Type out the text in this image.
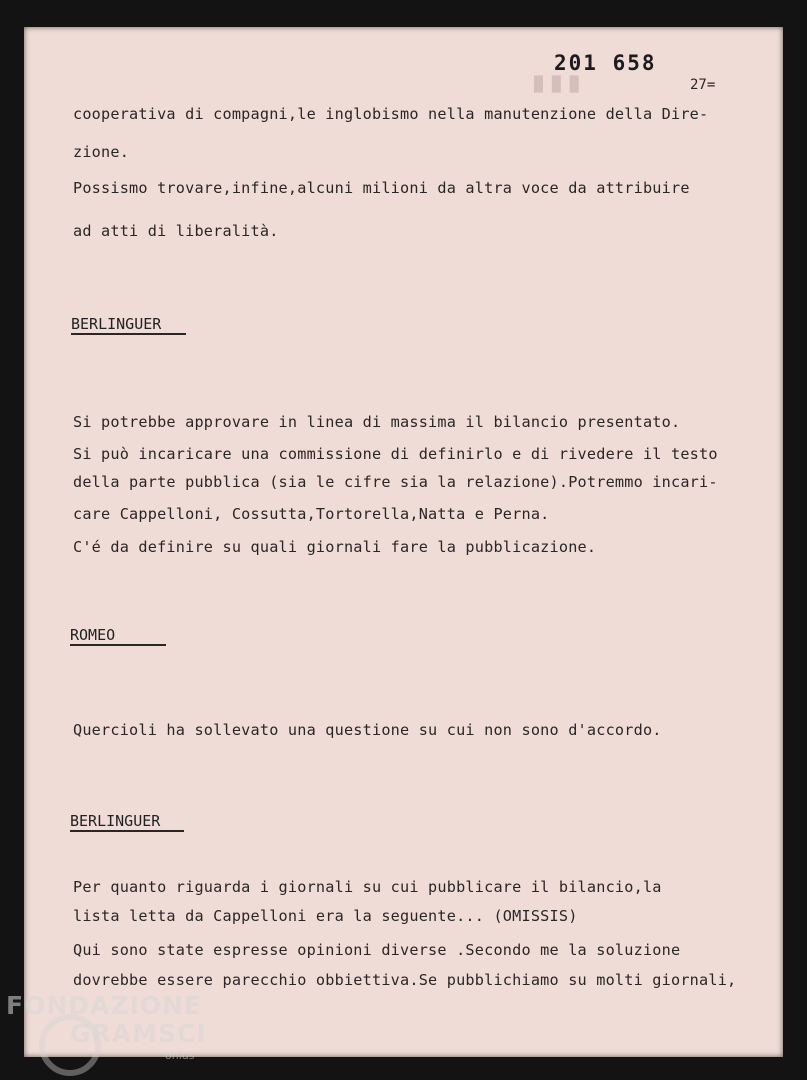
█ █ █
201 658
27=
cooperativa di compagni,le inglobismo nella manutenzione della Dire-
zione.
Possismo trovare,infine,alcuni milioni da altra voce da attribuire
ad atti di liberalità.
BERLINGUER
Si potrebbe approvare in linea di massima il bilancio presentato.
Si può incaricare una commissione di definirlo e di rivedere il testo
della parte pubblica (sia le cifre sia la relazione).Potremmo incari-
care Cappelloni, Cossutta,Tortorella,Natta e Perna.
C'é da definire su quali giornali fare la pubblicazione.
ROMEO
Quercioli ha sollevato una questione su cui non sono d'accordo.
BERLINGUER
Per quanto riguarda i giornali su cui pubblicare il bilancio,la
lista letta da Cappelloni era la seguente... (OMISSIS)
Qui sono state espresse opinioni diverse .Secondo me la soluzione
dovrebbe essere parecchio obbiettiva.Se pubblichiamo su molti giornali,
FONDAZIONE
GRAMSCI
onlus
